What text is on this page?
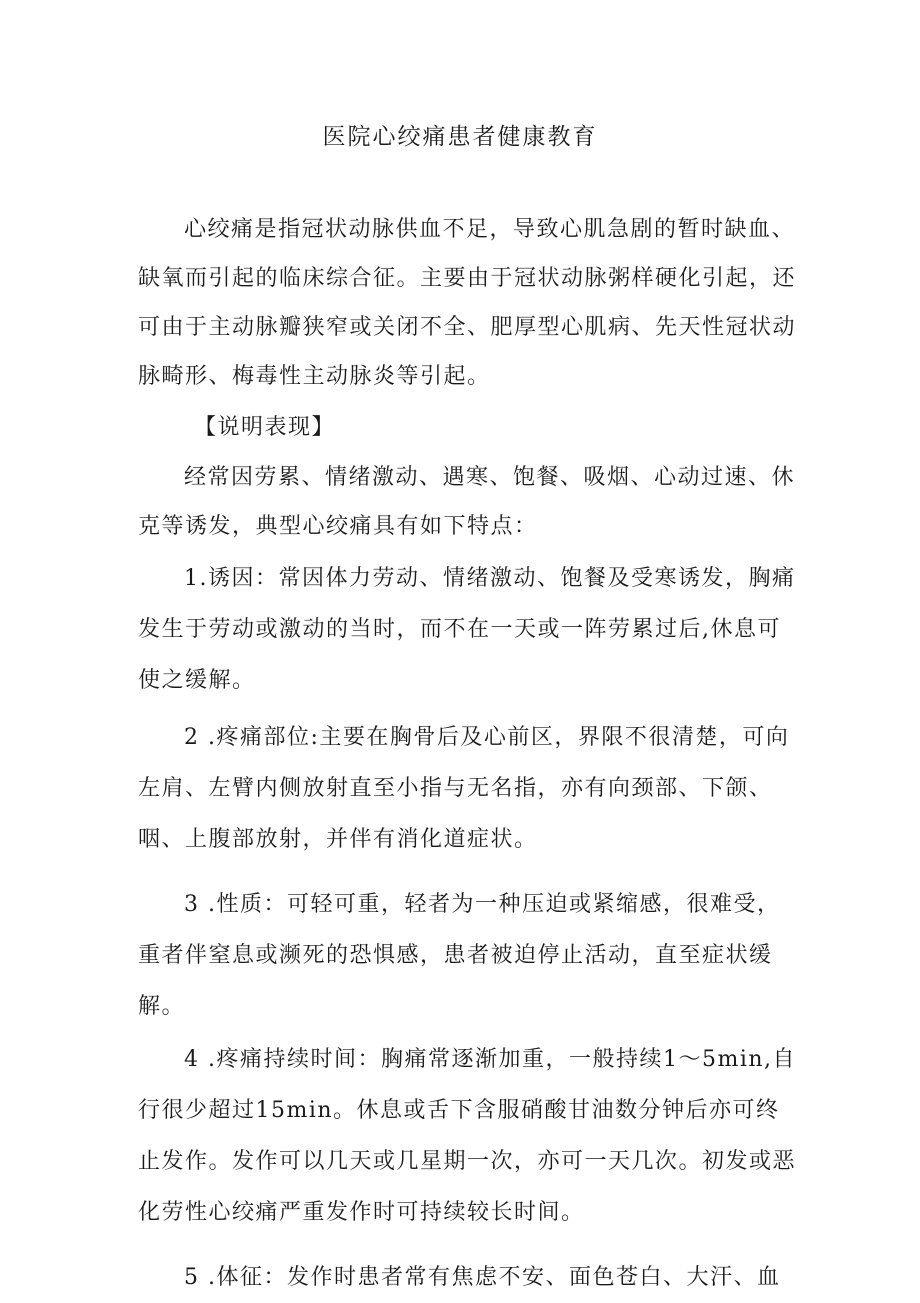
医院心绞痛患者健康教育

心绞痛是指冠状动脉供血不足，导致心肌急剧的暂时缺血、缺氧而引起的临床综合征。主要由于冠状动脉粥样硬化引起，还可由于主动脉瓣狭窄或关闭不全、肥厚型心肌病、先天性冠状动脉畸形、梅毒性主动脉炎等引起。

【说明表现】

经常因劳累、情绪激动、遇寒、饱餐、吸烟、心动过速、休克等诱发，典型心绞痛具有如下特点：

1.诱因：常因体力劳动、情绪激动、饱餐及受寒诱发，胸痛发生于劳动或激动的当时，而不在一天或一阵劳累过后,休息可使之缓解。

2 .疼痛部位:主要在胸骨后及心前区，界限不很清楚，可向左肩、左臂内侧放射直至小指与无名指，亦有向颈部、下颌、咽、上腹部放射，并伴有消化道症状。

3 .性质：可轻可重，轻者为一种压迫或紧缩感，很难受，重者伴窒息或濒死的恐惧感，患者被迫停止活动，直至症状缓解。

4 .疼痛持续时间：胸痛常逐渐加重，一般持续1～5min,自行很少超过15min。休息或舌下含服硝酸甘油数分钟后亦可终止发作。发作可以几天或几星期一次，亦可一天几次。初发或恶化劳性心绞痛严重发作时可持续较长时间。

5 .体征：发作时患者常有焦虑不安、面色苍白、大汗、血
